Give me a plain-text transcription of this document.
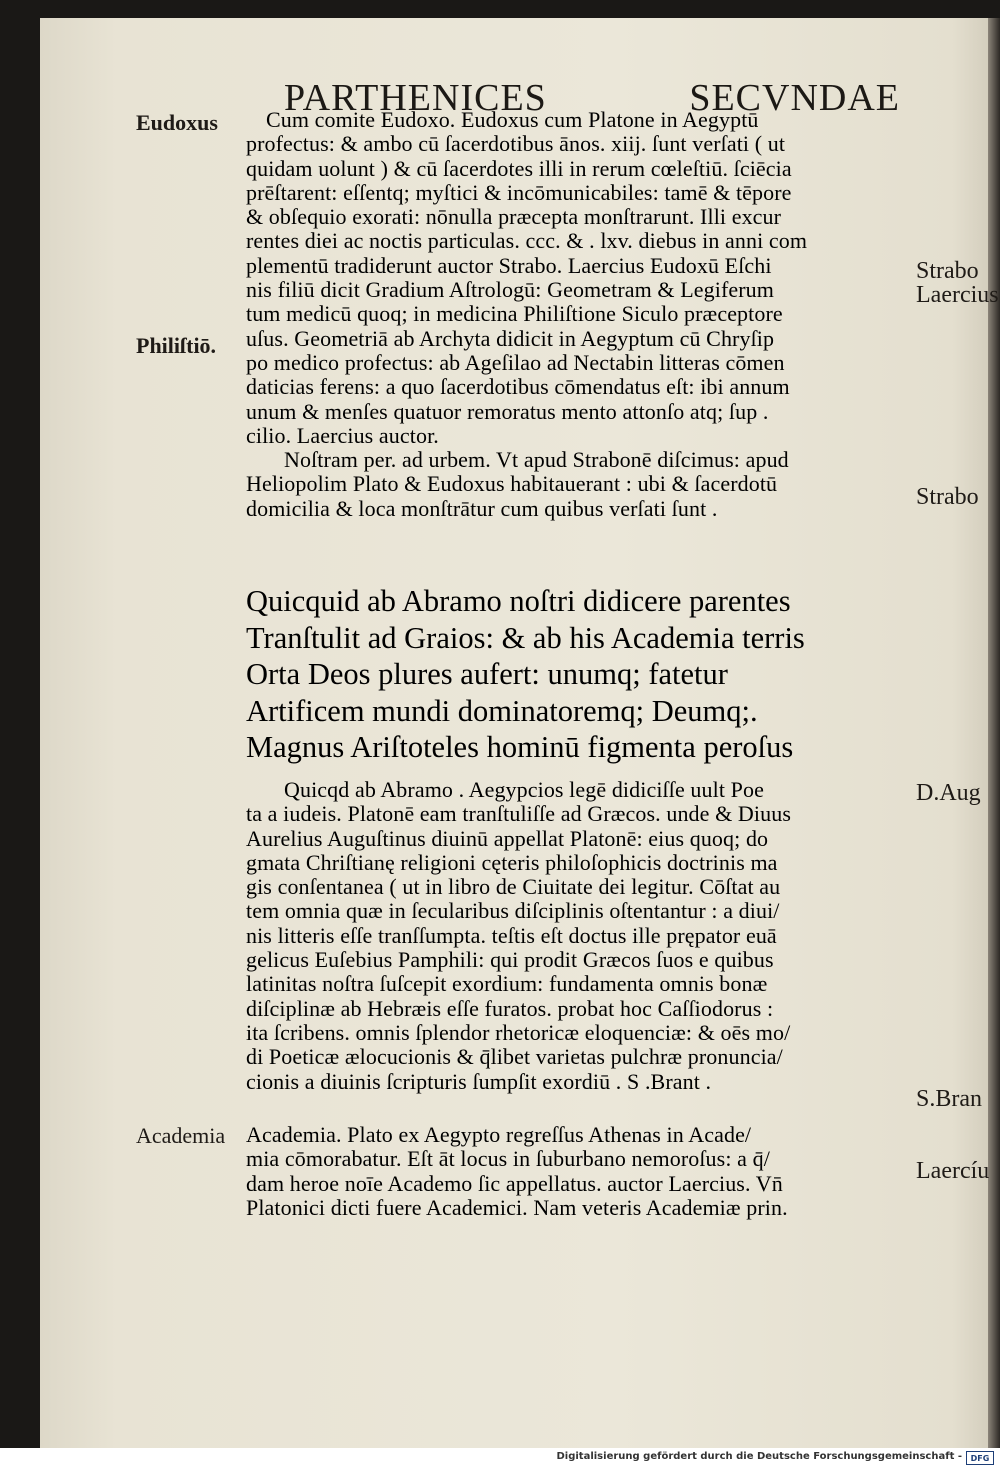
PARTHENICES	SECVNDAE
Eudoxus
Philiſtiō.
Academia
Strabo
Laercius
Strabo
D.Aug
S.Bran
Laercíu
Cum comite Eudoxo. Eudoxus cum Platone in Aegyptū
profectus: & ambo cū ſacerdotibus ānos. xiij. ſunt verſati ( ut
quidam uolunt ) & cū ſacerdotes illi in rerum cœleſtiū. ſciēcia
prēſtarent: eſſentq; myſtici & incōmunicabiles: tamē & tēpore
& obſequio exorati: nōnulla præcepta monſtrarunt. Illi excur
rentes diei ac noctis particulas. ccc. & . lxv. diebus in anni com
plementū tradiderunt auctor Strabo. Laercius Eudoxū Eſchi
nis filiū dicit Gradium Aſtrologū: Geometram & Legiferum
tum medicū quoq; in medicina Philiſtione Siculo præceptore
uſus. Geometriā ab Archyta didicit in Aegyptum cū Chryſip
po medico profectus: ab Ageſilao ad Nectabin litteras cōmen
daticias ferens: a quo ſacerdotibus cōmendatus eſt: ibi annum
unum & menſes quatuor remoratus mento attonſo atq; ſup .
cilio. Laercius auctor.
Noſtram per. ad urbem. Vt apud Strabonē diſcimus: apud
Heliopolim Plato & Eudoxus habitauerant : ubi & ſacerdotū
domicilia & loca monſtrātur cum quibus verſati ſunt .
Quicquid ab Abramo noſtri didicere parentes
Tranſtulit ad Graios: & ab his Academia terris
Orta Deos plures aufert: unumq; fatetur
Artificem mundi dominatoremq; Deumq;.
Magnus Ariſtoteles hominū figmenta peroſus
Quicqd ab Abramo . Aegypcios legē didiciſſe uult Poe
ta a iudeis. Platonē eam tranſtuliſſe ad Græcos. unde & Diuus
Aurelius Auguſtinus diuinū appellat Platonē: eius quoq; do
gmata Chriſtianę religioni cęteris philoſophicis doctrinis ma
gis conſentanea ( ut in libro de Ciuitate dei legitur. Cōſtat au
tem omnia quæ in ſecularibus diſciplinis oſtentantur : a diui/
nis litteris eſſe tranſſumpta. teſtis eſt doctus ille prępator euā
gelicus Euſebius Pamphili: qui prodit Græcos ſuos e quibus
latinitas noſtra ſuſcepit exordium: fundamenta omnis bonæ
diſciplinæ ab Hebræis eſſe furatos. probat hoc Caſſiodorus :
ita ſcribens. omnis ſplendor rhetoricæ eloquenciæ: & oēs mo/
di Poeticæ ælocucionis & q̄libet varietas pulchræ pronuncia/
cionis a diuinis ſcripturis ſumpſit exordiū . S .Brant .
Academia. Plato ex Aegypto regreſſus Athenas in Acade/
mia cōmorabatur. Eſt āt locus in ſuburbano nemoroſus: a q̄/
dam heroe noīe Academo ſic appellatus. auctor Laercius. Vn̄
Platonici dicti fuere Academici. Nam veteris Academiæ prin.
Digitalisierung gefördert durch die Deutsche Forschungsgemeinschaft -	DFG
